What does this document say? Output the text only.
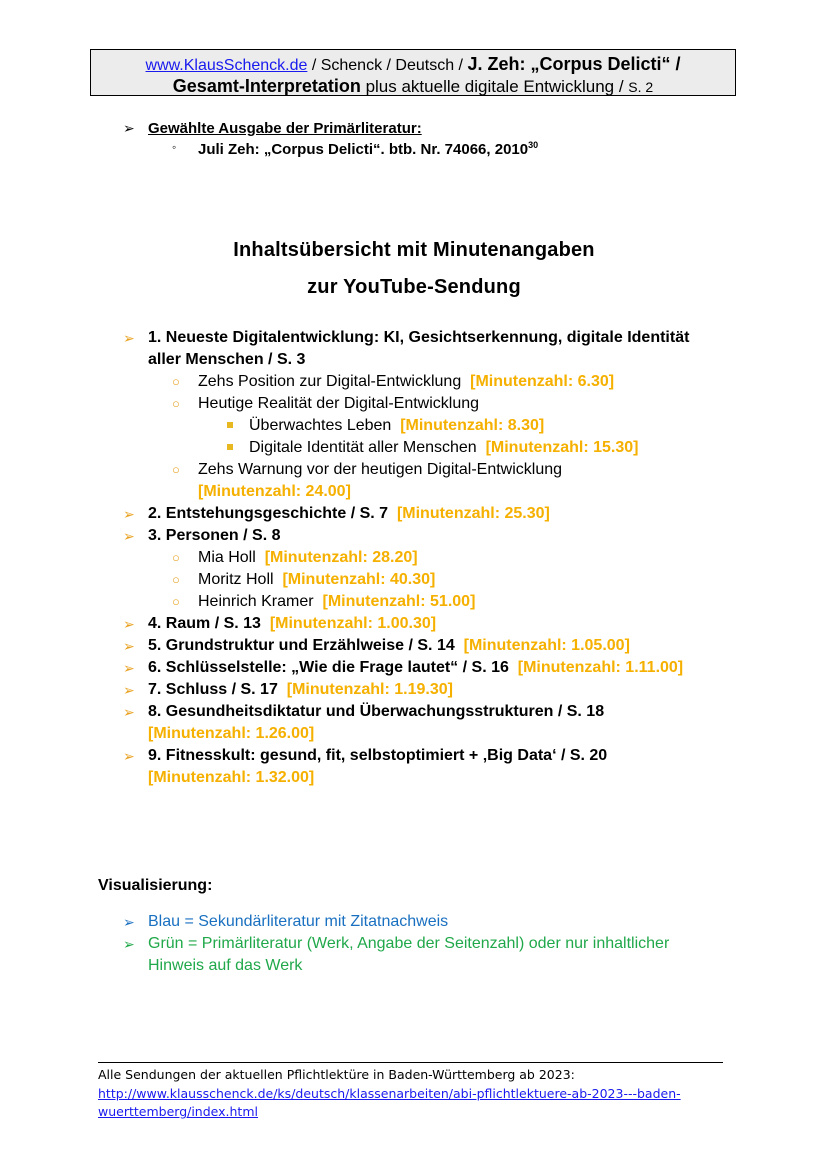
www.KlausSchenck.de / Schenck / Deutsch / J. Zeh: „Corpus Delicti“ /
Gesamt-Interpretation plus aktuelle digitale Entwicklung / S. 2
➢ Gewählte Ausgabe der Primärliteratur:
◦ Juli Zeh: „Corpus Delicti“. btb. Nr. 74066, 2010$^{30}$
Inhaltsübersicht mit Minutenangaben
zur YouTube-Sendung
➢ 1. Neueste Digitalentwicklung: KI, Gesichtserkennung, digitale Identität
aller Menschen / S. 3
○ Zehs Position zur Digital-Entwicklung [Minutenzahl: 6.30]
○ Heutige Realität der Digital-Entwicklung
Überwachtes Leben [Minutenzahl: 8.30]
Digitale Identität aller Menschen [Minutenzahl: 15.30]
○ Zehs Warnung vor der heutigen Digital-Entwicklung
[Minutenzahl: 24.00]
➢ 2. Entstehungsgeschichte / S. 7 [Minutenzahl: 25.30]
➢ 3. Personen / S. 8
○ Mia Holl [Minutenzahl: 28.20]
○ Moritz Holl [Minutenzahl: 40.30]
○ Heinrich Kramer [Minutenzahl: 51.00]
➢ 4. Raum / S. 13 [Minutenzahl: 1.00.30]
➢ 5. Grundstruktur und Erzählweise / S. 14 [Minutenzahl: 1.05.00]
➢ 6. Schlüsselstelle: „Wie die Frage lautet“ / S. 16 [Minutenzahl: 1.11.00]
➢ 7. Schluss / S. 17 [Minutenzahl: 1.19.30]
➢ 8. Gesundheitsdiktatur und Überwachungsstrukturen / S. 18
[Minutenzahl: 1.26.00]
➢ 9. Fitnesskult: gesund, fit, selbstoptimiert + ‚Big Data‘ / S. 20
[Minutenzahl: 1.32.00]
Visualisierung:
➢ Blau = Sekundärliteratur mit Zitatnachweis
➢ Grün = Primärliteratur (Werk, Angabe der Seitenzahl) oder nur inhaltlicher
Hinweis auf das Werk
Alle Sendungen der aktuellen Pflichtlektüre in Baden-Württemberg ab 2023:
http://www.klausschenck.de/ks/deutsch/klassenarbeiten/abi-pflichtlektuere-ab-2023---baden-
wuerttemberg/index.html
